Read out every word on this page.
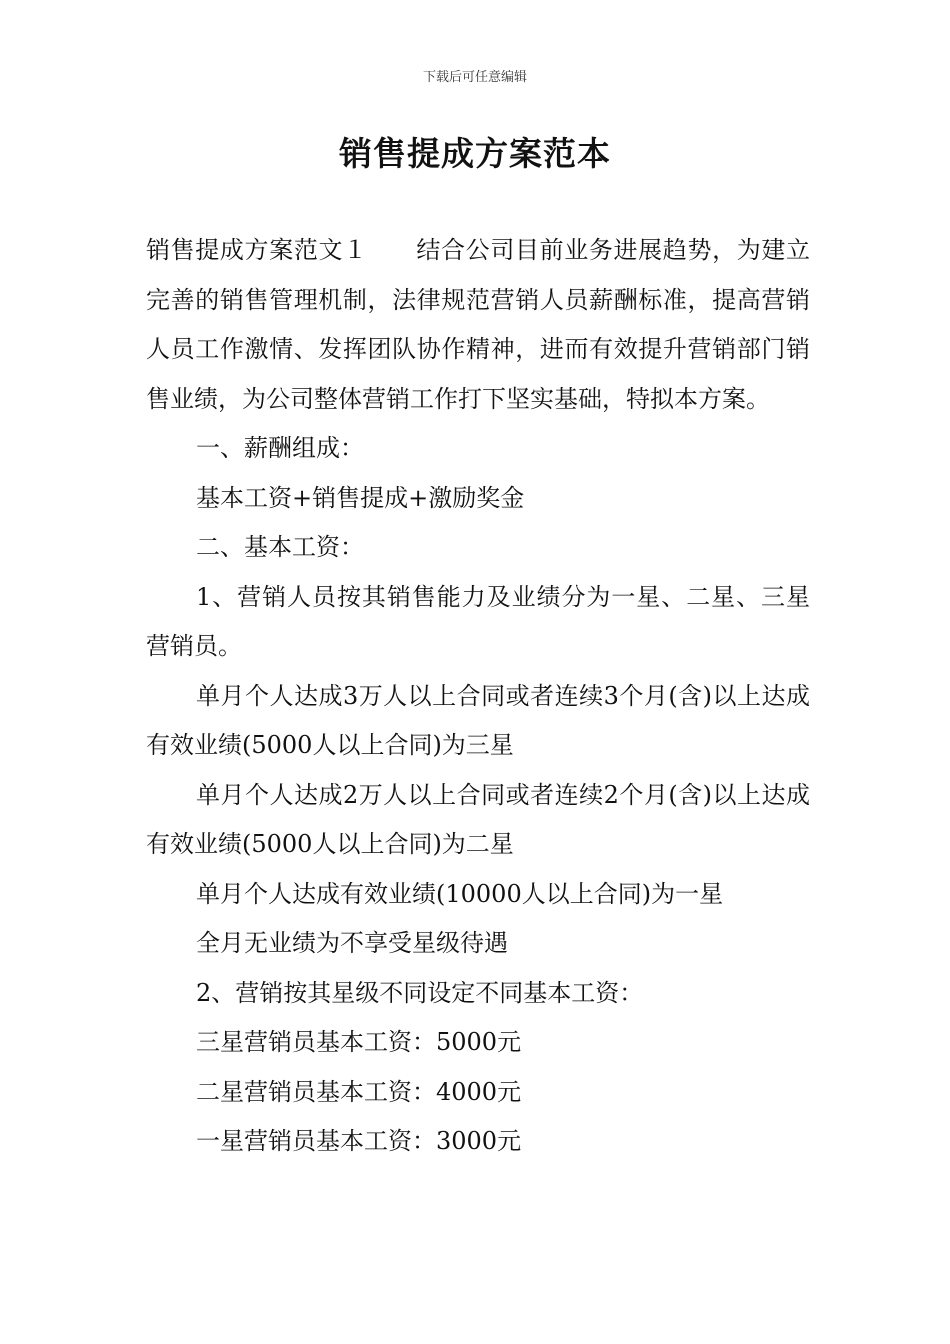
下载后可任意编辑
销售提成方案范本

销售提成方案范文１ 结合公司目前业务进展趋势，为建立完善的销售管理机制，法律规范营销人员薪酬标准，提高营销人员工作激情、发挥团队协作精神，进而有效提升营销部门销售业绩，为公司整体营销工作打下坚实基础，特拟本方案。

一、薪酬组成：

基本工资+销售提成+激励奖金

二、基本工资：

1、营销人员按其销售能力及业绩分为一星、二星、三星营销员。

单月个人达成3万人以上合同或者连续3个月(含)以上达成有效业绩(5000人以上合同)为三星

单月个人达成2万人以上合同或者连续2个月(含)以上达成有效业绩(5000人以上合同)为二星

单月个人达成有效业绩(10000人以上合同)为一星

全月无业绩为不享受星级待遇

2、营销按其星级不同设定不同基本工资：

三星营销员基本工资：5000元

二星营销员基本工资：4000元

一星营销员基本工资：3000元
